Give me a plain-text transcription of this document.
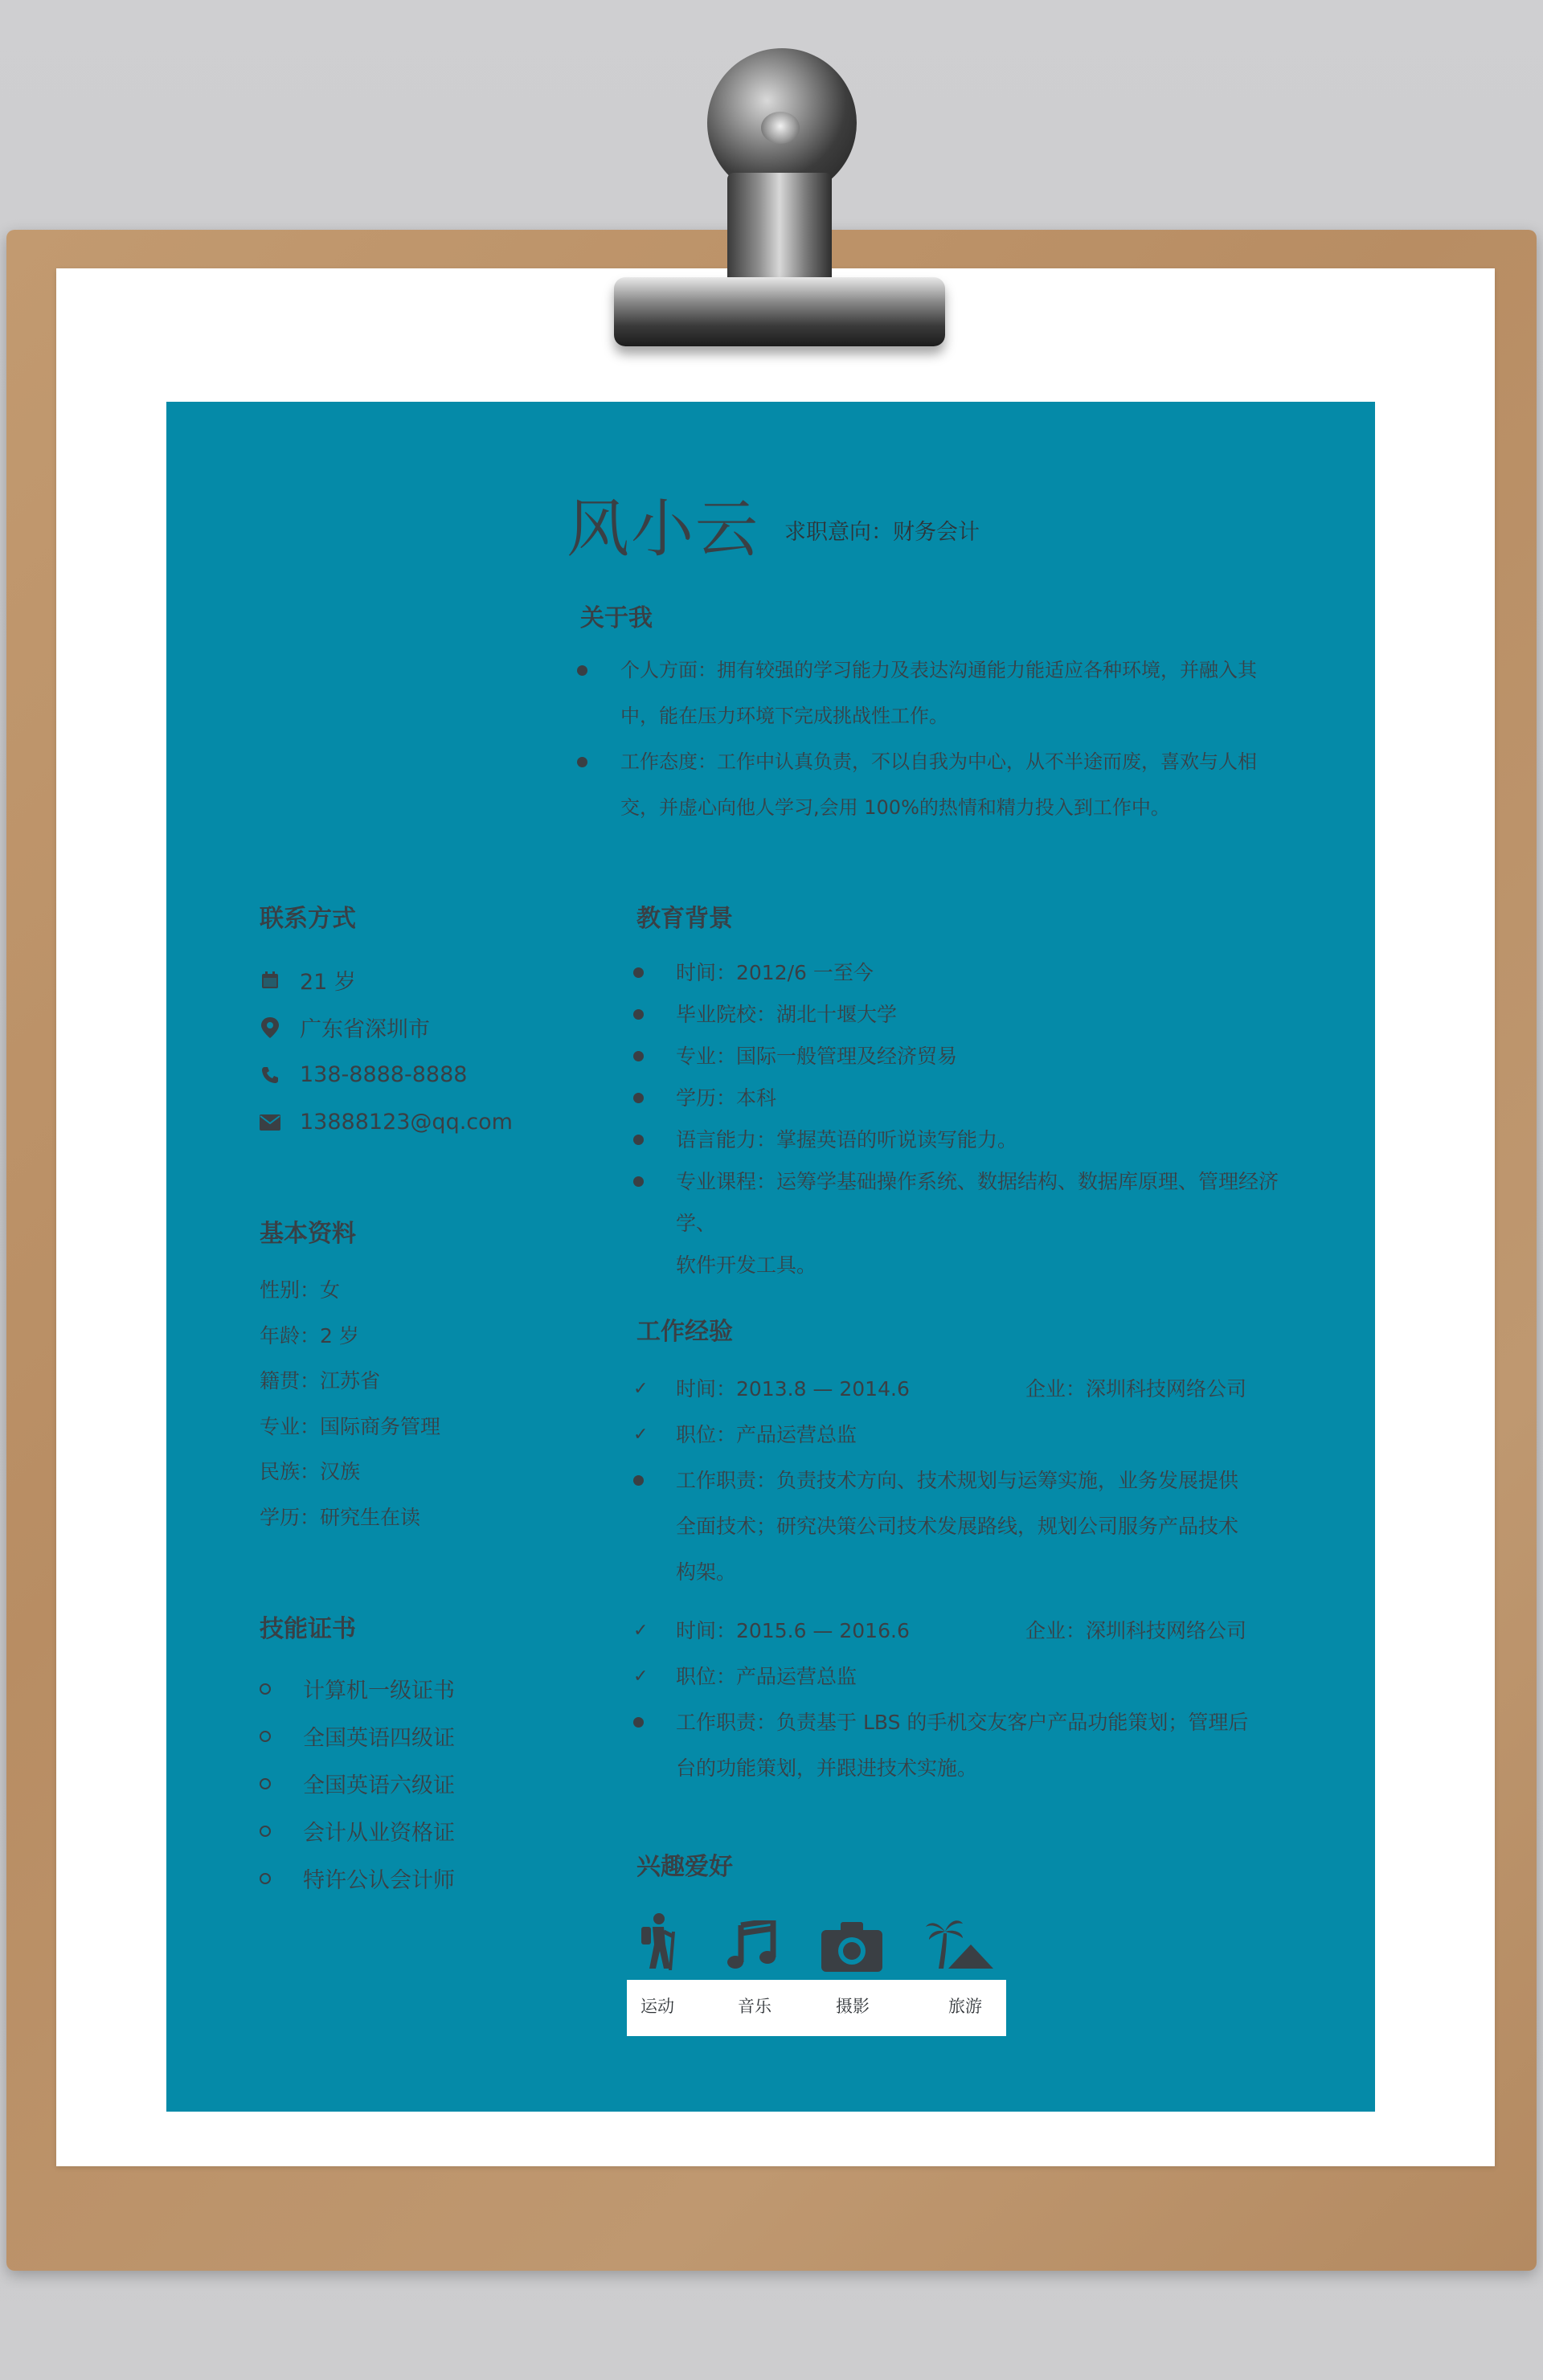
风小云 求职意向：财务会计
关于我
个人方面：拥有较强的学习能力及表达沟通能力能适应各种环境，并融入其
中，能在压力环境下完成挑战性工作。
工作态度：工作中认真负责，不以自我为中心，从不半途而废，喜欢与人相
交，并虚心向他人学习,会用 100%的热情和精力投入到工作中。
联系方式
21 岁
广东省深圳市
138-8888-8888
13888123@qq.com
基本资料
性别：女
年龄：2 岁
籍贯：江苏省
专业：国际商务管理
民族：汉族
学历：研究生在读
技能证书
计算机一级证书
全国英语四级证
全国英语六级证
会计从业资格证
特许公认会计师
教育背景
时间：2012/6 一至今
毕业院校：湖北十堰大学
专业：国际一般管理及经济贸易
学历：本科
语言能力：掌握英语的听说读写能力。
专业课程：运筹学基础操作系统、数据结构、数据库原理、管理经济学、
软件开发工具。
工作经验
✓ 时间：2013.8 — 2014.6	企业：深圳科技网络公司
✓ 职位：产品运营总监
工作职责：负责技术方向、技术规划与运筹实施，业务发展提供
全面技术；研究决策公司技术发展路线，规划公司服务产品技术
构架。
✓ 时间：2015.6 — 2016.6	企业：深圳科技网络公司
✓ 职位：产品运营总监
工作职责：负责基于 LBS 的手机交友客户产品功能策划；管理后
台的功能策划，并跟进技术实施。
兴趣爱好
运动	音乐	摄影	旅游
